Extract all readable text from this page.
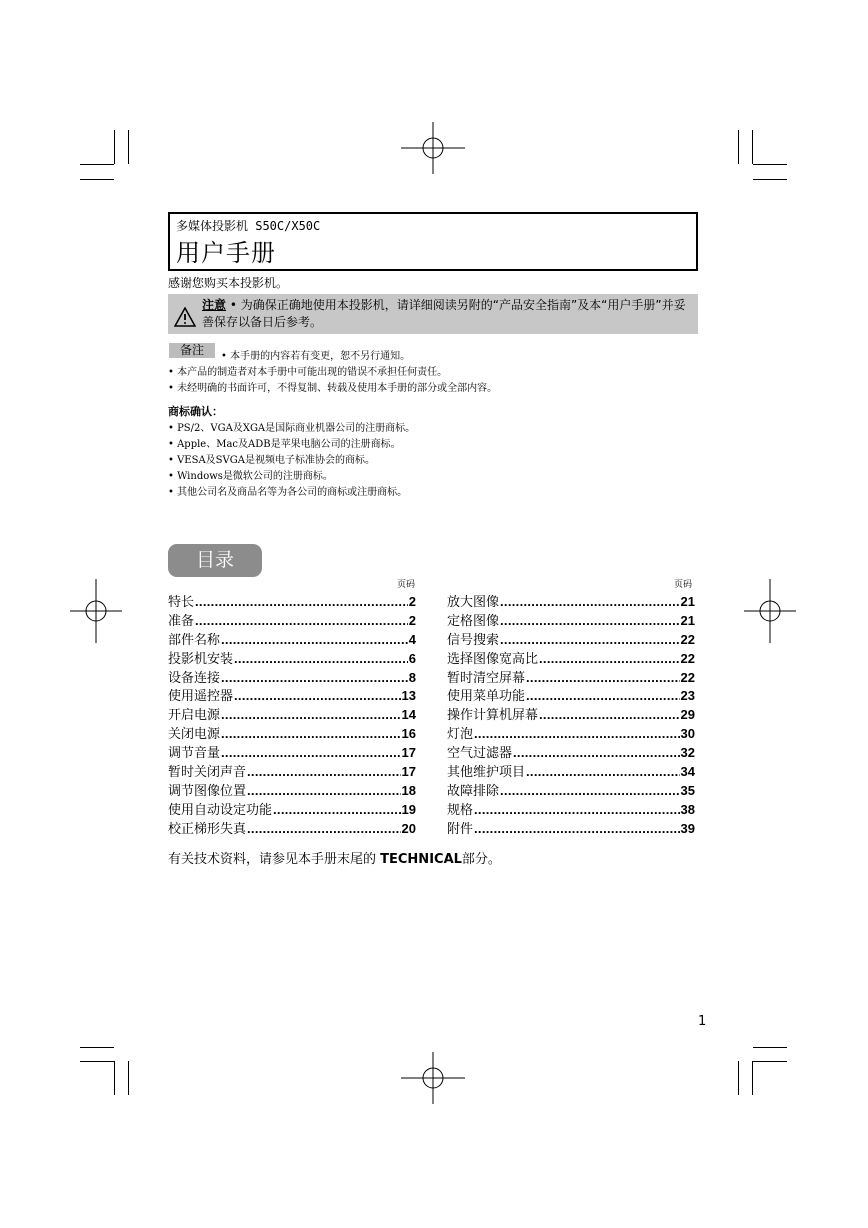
多媒体投影机 S50C/X50C
用户手册
感谢您购买本投影机。
注意 • 为确保正确地使用本投影机，请详细阅读另附的“产品安全指南”及本“用户手册”并妥善保存以备日后参考。
备注	• 本手册的内容若有变更，恕不另行通知。
• 本产品的制造者对本手册中可能出现的错误不承担任何责任。
• 未经明确的书面许可，不得复制、转载及使用本手册的部分或全部内容。
商标确认：
• PS/2、VGA及XGA是国际商业机器公司的注册商标。
• Apple、Mac及ADB是苹果电脑公司的注册商标。
• VESA及SVGA是视频电子标准协会的商标。
• Windows是微软公司的注册商标。
• 其他公司名及商品名等为各公司的商标或注册商标。
目录
页码	页码
特长 .....	2
准备 .....	2
部件名称 .....	4
投影机安装 .....	6
设备连接 .....	8
使用遥控器 .....	13
开启电源 .....	14
关闭电源 .....	16
调节音量 .....	17
暂时关闭声音 .....	17
调节图像位置 .....	18
使用自动设定功能 .....	19
校正梯形失真 .....	20
放大图像 .....	21
定格图像 .....	21
信号搜索 .....	22
选择图像宽高比 .....	22
暂时清空屏幕 .....	22
使用菜单功能 .....	23
操作计算机屏幕 .....	29
灯泡 .....	30
空气过滤器 .....	32
其他维护项目 .....	34
故障排除 .....	35
规格 .....	38
附件 .....	39
有关技术资料，请参见本手册末尾的 TECHNICAL部分。
1
